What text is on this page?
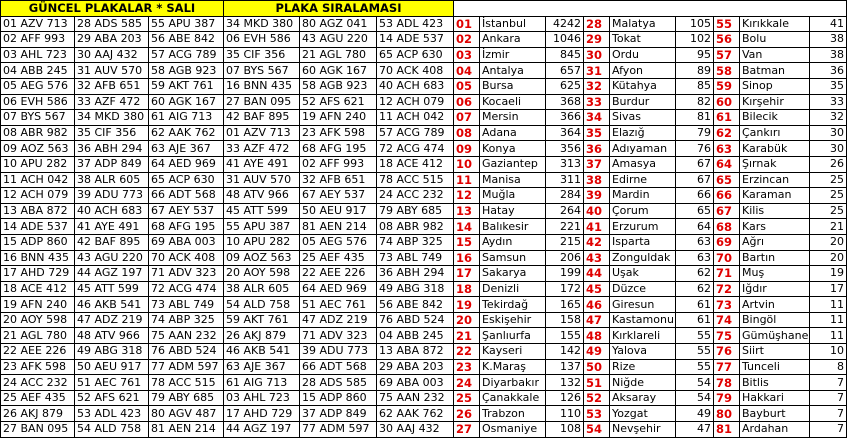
GÜNCEL PLAKALAR * SALI		
01 AZV 713	28 ADS 585	55 APU 387
02 AFF 993	29 ABA 203	56 ABE 842
03 AHL 723	30 AAJ 432	57 ACG 789
04 ABB 245	31 AUV 570	58 AGB 923
05 AEG 576	32 AFB 651	59 AKT 761
06 EVH 586	33 AZF 472	60 AGK 167
07 BYS 567	34 MKD 380	61 AIG 713
08 ABR 982	35 CIF 356	62 AAK 762
09 AOZ 563	36 ABH 294	63 AJE 367
10 APU 282	37 ADP 849	64 AED 969
11 ACH 042	38 ALR 605	65 ACP 630
12 ACH 079	39 ADU 773	66 ADT 568
13 ABA 872	40 ACH 683	67 AEY 537
14 ADE 537	41 AYE 491	68 AFG 195
15 ADP 860	42 BAF 895	69 ABA 003
16 BNN 435	43 AGU 220	70 ACK 408
17 AHD 729	44 AGZ 197	71 ADV 323
18 ACE 412	45 ATT 599	72 ACG 474
19 AFN 240	46 AKB 541	73 ABL 749
20 AOY 598	47 ADZ 219	74 ABP 325
21 AGL 780	48 ATV 966	75 AAN 232
22 AEE 226	49 ABG 318	76 ABD 524
23 AFK 598	50 AEU 917	77 ADM 597
24 ACC 232	51 AEC 761	78 ACC 515
25 AEF 435	52 AFS 621	79 ABY 685
26 AKJ 879	53 ADL 423	80 AGV 487
27 BAN 095	54 ALD 758	81 AEN 214
PLAKA SIRALAMASI		
34 MKD 380	80 AGZ 041	53 ADL 423
06 EVH 586	43 AGU 220	14 ADE 537
35 CIF 356	21 AGL 780	65 ACP 630
07 BYS 567	60 AGK 167	70 ACK 408
16 BNN 435	58 AGB 923	40 ACH 683
27 BAN 095	52 AFS 621	12 ACH 079
42 BAF 895	19 AFN 240	11 ACH 042
01 AZV 713	23 AFK 598	57 ACG 789
33 AZF 472	68 AFG 195	72 ACG 474
41 AYE 491	02 AFF 993	18 ACE 412
31 AUV 570	32 AFB 651	78 ACC 515
48 ATV 966	67 AEY 537	24 ACC 232
45 ATT 599	50 AEU 917	79 ABY 685
55 APU 387	81 AEN 214	08 ABR 982
10 APU 282	05 AEG 576	74 ABP 325
09 AOZ 563	25 AEF 435	73 ABL 749
20 AOY 598	22 AEE 226	36 ABH 294
38 ALR 605	64 AED 969	49 ABG 318
54 ALD 758	51 AEC 761	56 ABE 842
59 AKT 761	47 ADZ 219	76 ABD 524
26 AKJ 879	71 ADV 323	04 ABB 245
46 AKB 541	39 ADU 773	13 ABA 872
63 AJE 367	66 ADT 568	29 ABA 203
61 AIG 713	28 ADS 585	69 ABA 003
03 AHL 723	15 ADP 860	75 AAN 232
17 AHD 729	37 ADP 849	62 AAK 762
44 AGZ 197	77 ADM 597	30 AAJ 432

01	İstanbul	4242	28	Malatya	105	55	Kırıkkale	41
02	Ankara	1046	29	Tokat	102	56	Bolu	38
03	İzmir	845	30	Ordu	95	57	Van	38
04	Antalya	657	31	Afyon	89	58	Batman	36
05	Bursa	625	32	Kütahya	85	59	Sinop	35
06	Kocaeli	368	33	Burdur	82	60	Kırşehir	33
07	Mersin	366	34	Sivas	81	61	Bilecik	32
08	Adana	364	35	Elazığ	79	62	Çankırı	30
09	Konya	356	36	Adıyaman	76	63	Karabük	30
10	Gaziantep	313	37	Amasya	67	64	Şırnak	26
11	Manisa	311	38	Edirne	67	65	Erzincan	25
12	Muğla	284	39	Mardin	66	66	Karaman	25
13	Hatay	264	40	Çorum	65	67	Kilis	25
14	Balıkesir	221	41	Erzurum	64	68	Kars	21
15	Aydın	215	42	Isparta	63	69	Ağrı	20
16	Samsun	206	43	Zonguldak	63	70	Bartın	20
17	Sakarya	199	44	Uşak	62	71	Muş	19
18	Denizli	172	45	Düzce	62	72	Iğdır	17
19	Tekirdağ	165	46	Giresun	61	73	Artvin	11
20	Eskişehir	158	47	Kastamonu	61	74	Bingöl	11
21	Şanlıurfa	155	48	Kırklareli	55	75	Gümüşhane	11
22	Kayseri	142	49	Yalova	55	76	Siirt	10
23	K.Maraş	137	50	Rize	55	77	Tunceli	8
24	Diyarbakır	132	51	Niğde	54	78	Bitlis	7
25	Çanakkale	126	52	Aksaray	54	79	Hakkari	7
26	Trabzon	110	53	Yozgat	49	80	Bayburt	7
27	Osmaniye	108	54	Nevşehir	47	81	Ardahan	7
